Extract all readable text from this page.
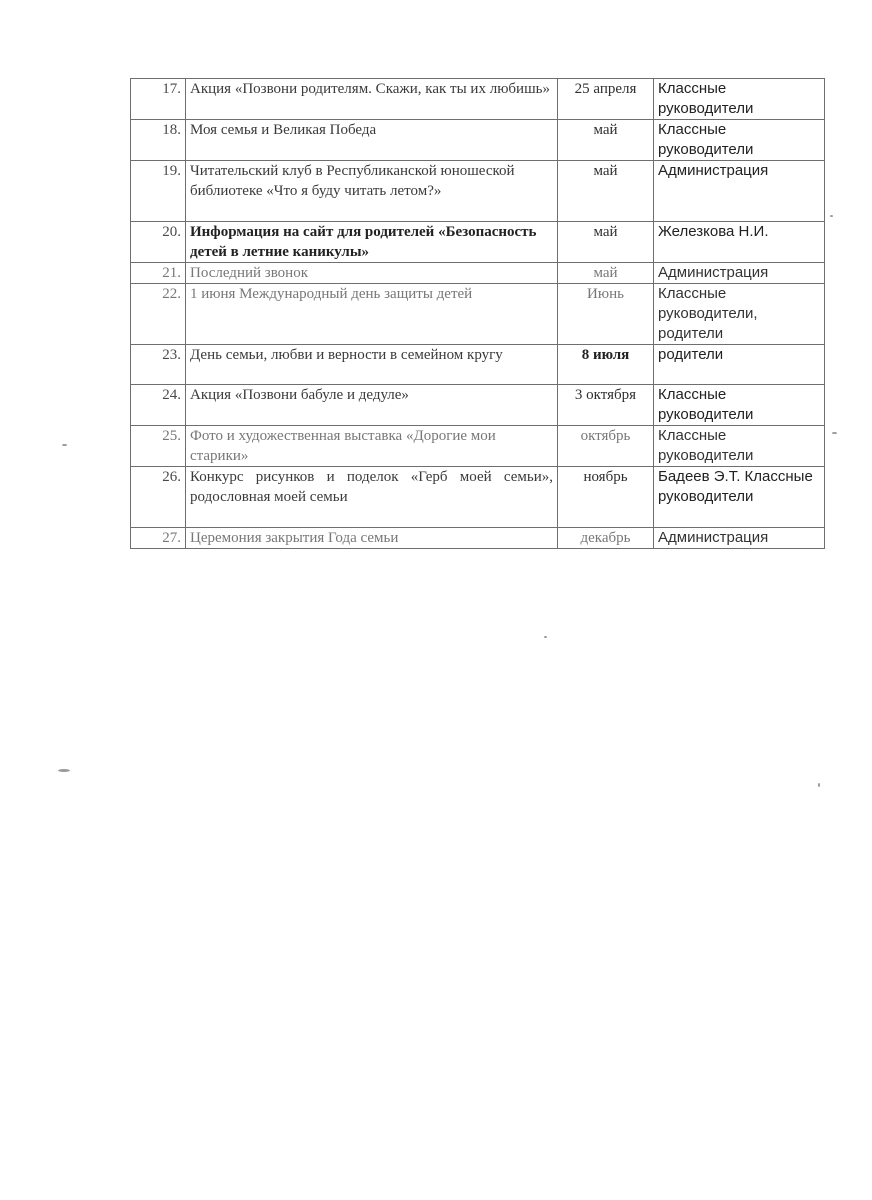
17.	Акция «Позвони родителям. Скажи, как ты их любишь»	25 апреля	Классные руководители
18.	Моя семья и Великая Победа	май	Классные руководители
19.	Читательский клуб в Республиканской юношеской библиотеке «Что я буду читать летом?»	май	Администрация
20.	Информация на сайт для родителей «Безопасность детей в летние каникулы»	май	Железкова Н.И.
21.	Последний звонок	май	Администрация
22.	1 июня Международный день защиты детей	Июнь	Классные руководители, родители
23.	День семьи, любви и верности в семейном кругу	8 июля	родители
24.	Акция «Позвони бабуле и дедуле»	3 октября	Классные руководители
25.	Фото и художественная выставка «Дорогие мои старики»	октябрь	Классные руководители
26.	Конкурс рисунков и поделок «Герб моей семьи», родословная моей семьи	ноябрь	Бадеев Э.Т. Классные руководители
27.	Церемония закрытия Года семьи	декабрь	Администрация
